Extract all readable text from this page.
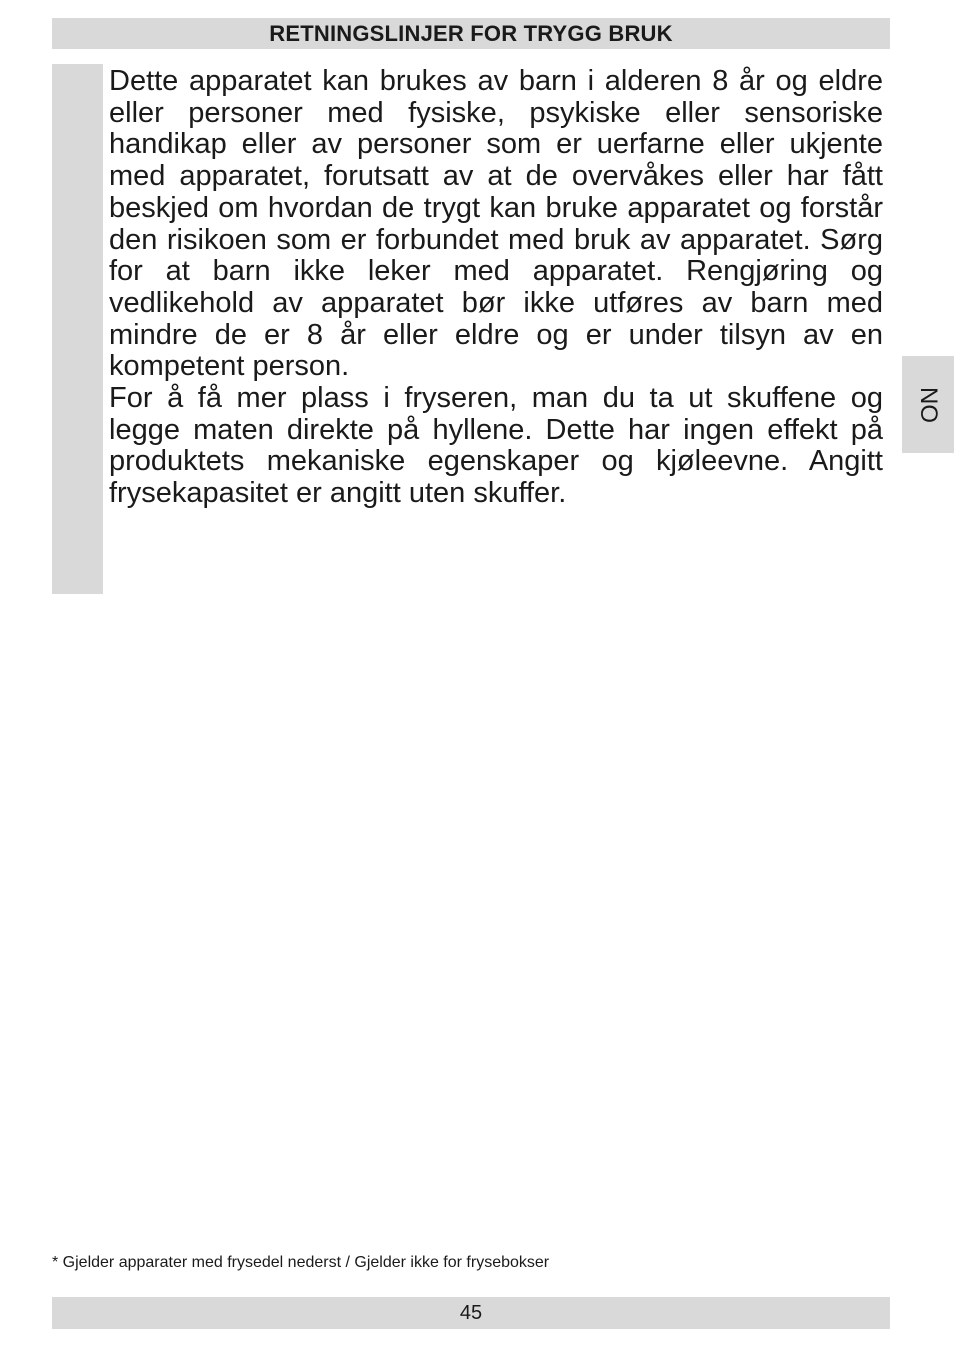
RETNINGSLINJER FOR TRYGG BRUK

Dette apparatet kan brukes av barn i alderen 8 år og eldre eller personer med fysiske, psykiske eller sensoriske handikap eller av personer som er uerfarne eller ukjente med apparatet, forutsatt av at de overvåkes eller har fått beskjed om hvordan de trygt kan bruke apparatet og forstår den risikoen som er forbundet med bruk av apparatet. Sørg for at barn ikke leker med apparatet. Rengjøring og vedlikehold av apparatet bør ikke utføres av barn med mindre de er 8 år eller eldre og er under tilsyn av en kompetent person.

For å få mer plass i fryseren, man du ta ut skuffene og legge maten direkte på hyllene. Dette har ingen effekt på produktets mekaniske egenskaper og kjøleevne. Angitt frysekapasitet er angitt uten skuffer.

NO
* Gjelder apparater med frysedel nederst / Gjelder ikke for frysebokser
45
